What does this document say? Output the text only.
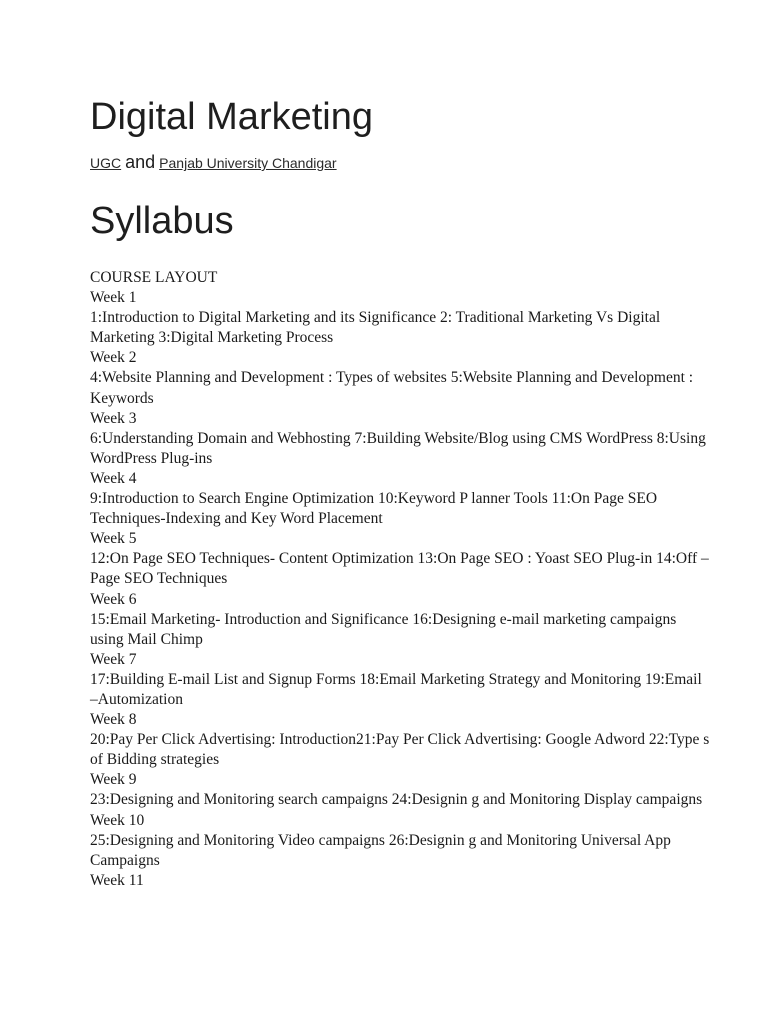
Digital Marketing
UGC and Panjab University Chandigar
Syllabus
COURSE LAYOUT
Week 1
1:Introduction to Digital Marketing and its Significance 2: Traditional Marketing Vs Digital Marketing 3:Digital Marketing Process
Week 2
4:Website Planning and Development : Types of websites 5:Website Planning and Development : Keywords
Week 3
6:Understanding Domain and Webhosting 7:Building Website/Blog using CMS WordPress 8:Using WordPress Plug-ins
Week 4
9:Introduction to Search Engine Optimization 10:Keyword P lanner Tools 11:On Page SEO Techniques-Indexing and Key Word Placement
Week 5
12:On Page SEO Techniques- Content Optimization 13:On Page SEO : Yoast SEO Plug-in 14:Off –Page SEO Techniques
Week 6
15:Email Marketing- Introduction and Significance 16:Designing e-mail marketing campaigns using Mail Chimp
Week 7
17:Building E-mail List and Signup Forms 18:Email Marketing Strategy and Monitoring 19:Email –Automization
Week 8
20:Pay Per Click Advertising: Introduction21:Pay Per Click Advertising: Google Adword 22:Type s of Bidding strategies
Week 9
23:Designing and Monitoring search campaigns 24:Designin g and Monitoring Display campaigns
Week 10
25:Designing and Monitoring Video campaigns 26:Designin g and Monitoring Universal App Campaigns
Week 11
